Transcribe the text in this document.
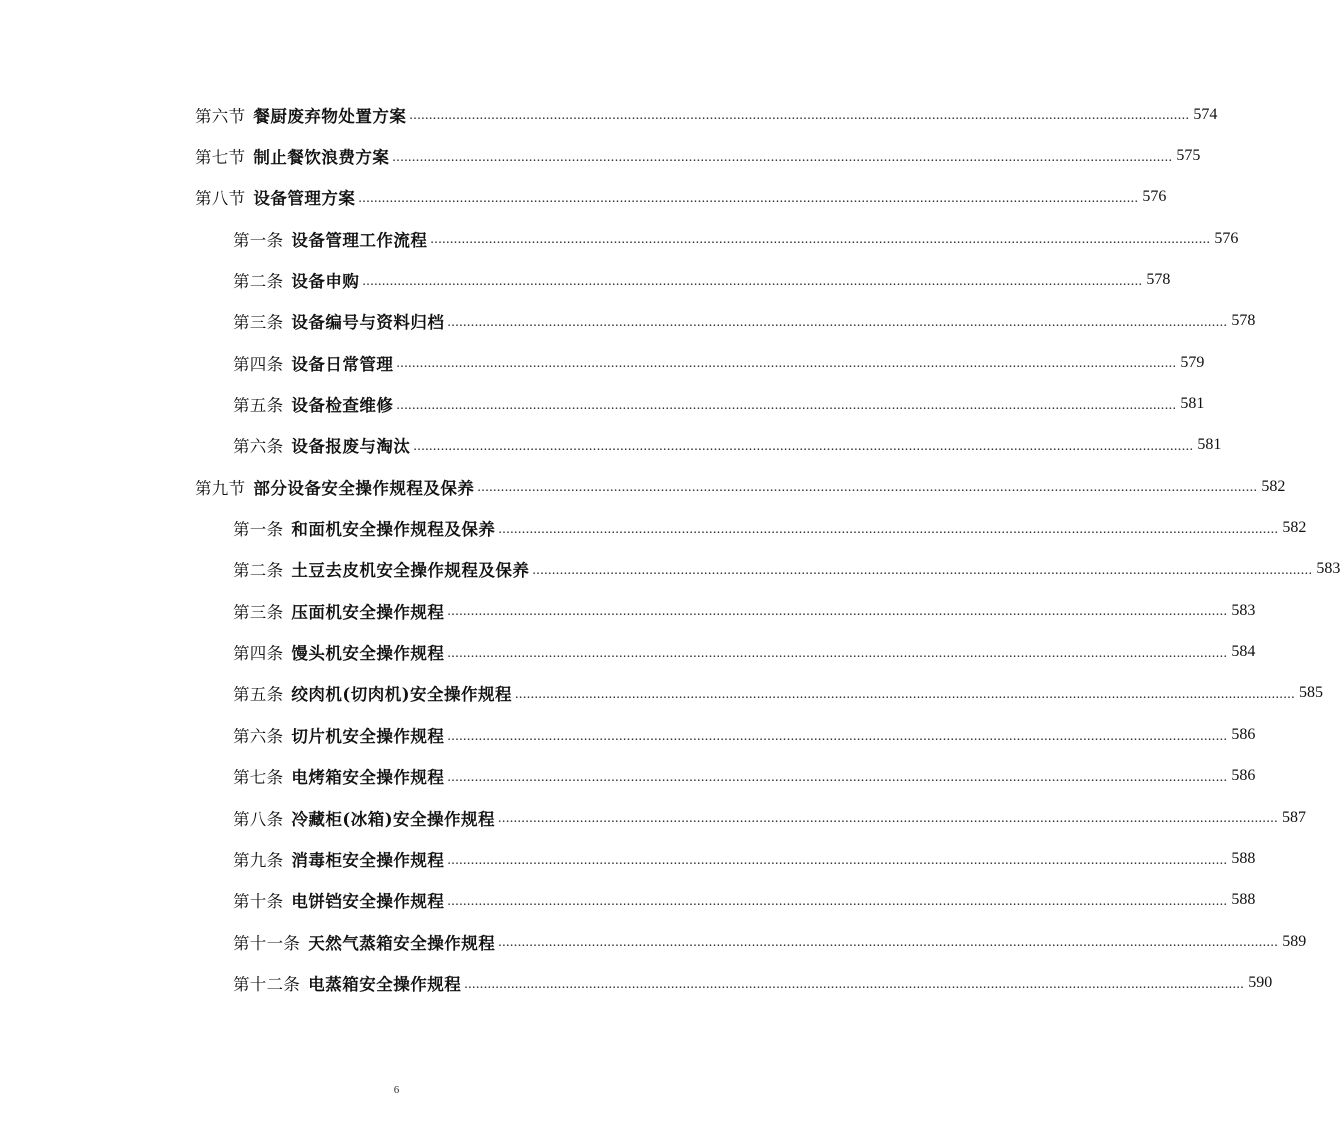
第六节 餐厨废弃物处置方案 ........................................................................................................................................................................................................ 574
第七节 制止餐饮浪费方案 ........................................................................................................................................................................................................ 575
第八节 设备管理方案 ........................................................................................................................................................................................................ 576
第一条 设备管理工作流程 ........................................................................................................................................................................................................ 576
第二条 设备申购 ........................................................................................................................................................................................................ 578
第三条 设备编号与资料归档 ........................................................................................................................................................................................................ 578
第四条 设备日常管理 ........................................................................................................................................................................................................ 579
第五条 设备检查维修 ........................................................................................................................................................................................................ 581
第六条 设备报废与淘汰 ........................................................................................................................................................................................................ 581
第九节 部分设备安全操作规程及保养 ........................................................................................................................................................................................................ 582
第一条 和面机安全操作规程及保养 ........................................................................................................................................................................................................ 582
第二条 土豆去皮机安全操作规程及保养 ........................................................................................................................................................................................................ 583
第三条 压面机安全操作规程 ........................................................................................................................................................................................................ 583
第四条 馒头机安全操作规程 ........................................................................................................................................................................................................ 584
第五条 绞肉机(切肉机)安全操作规程 ........................................................................................................................................................................................................ 585
第六条 切片机安全操作规程 ........................................................................................................................................................................................................ 586
第七条 电烤箱安全操作规程 ........................................................................................................................................................................................................ 586
第八条 冷藏柜(冰箱)安全操作规程 ........................................................................................................................................................................................................ 587
第九条 消毒柜安全操作规程 ........................................................................................................................................................................................................ 588
第十条 电饼铛安全操作规程 ........................................................................................................................................................................................................ 588
第十一条 天然气蒸箱安全操作规程 ........................................................................................................................................................................................................ 589
第十二条 电蒸箱安全操作规程 ........................................................................................................................................................................................................ 590
6
